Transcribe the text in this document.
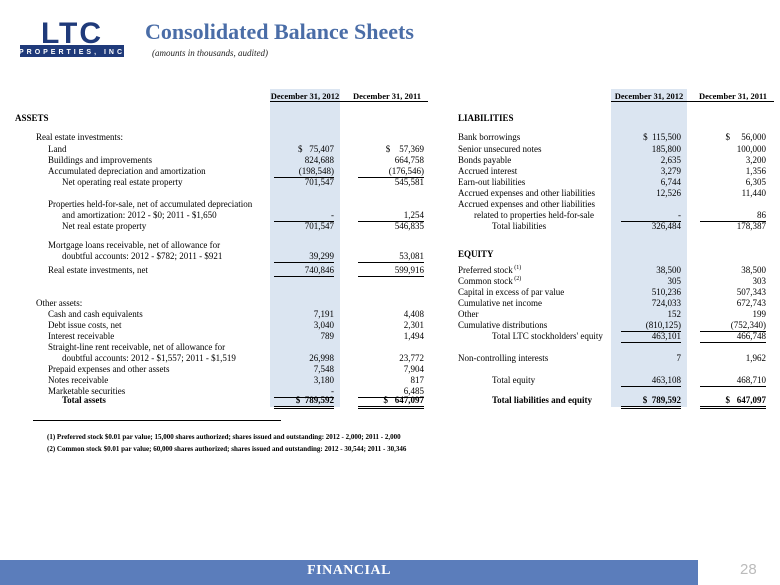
PROPERTIES, INC
LTC Consolidated Balance Sheets
(amounts in thousands, audited)
December 31, 2012	December 31, 2011	December 31, 2012	December 31, 2011
ASSETS	LIABILITIES
Real estate investments:
Land	$   75,407	$    57,369
Buildings and improvements	824,688	664,758
Accumulated depreciation and amortization	(198,548)	(176,546)
Net operating real estate property	701,547	545,581
Properties held-for-sale, net of accumulated depreciation
and amortization: 2012 - $0; 2011 - $1,650	-	1,254
Net real estate property	701,547	546,835
Mortgage loans receivable, net of allowance for
doubtful accounts: 2012 - $782; 2011 - $921	39,299	53,081
Real estate investments, net	740,846	599,916
Other assets:
Cash and cash equivalents	7,191	4,408
Debt issue costs, net	3,040	2,301
Interest receivable	789	1,494
Straight-line rent receivable, net of allowance for
doubtful accounts: 2012 - $1,557; 2011 - $1,519	26,998	23,772
Prepaid expenses and other assets	7,548	7,904
Notes receivable	3,180	817
Marketable securities	-	6,485
Total assets	$  789,592	$   647,097
Bank borrowings	$  115,500	$     56,000
Senior unsecured notes	185,800	100,000
Bonds payable	2,635	3,200
Accrued interest	3,279	1,356
Earn-out liabilities	6,744	6,305
Accrued expenses and other liabilities	12,526	11,440
Accrued expenses and other liabilities
related to properties held-for-sale	-	86
Total liabilities	326,484	178,387
EQUITY
Preferred stock $^{(1)}$	38,500	38,500
Common stock $^{(2)}$	305	303
Capital in excess of par value	510,236	507,343
Cumulative net income	724,033	672,743
Other	152	199
Cumulative distributions	(810,125)	(752,340)
Total LTC stockholders' equity	463,101	466,748
Non-controlling interests	7	1,962
Total equity	463,108	468,710
Total liabilities and equity	$  789,592	$   647,097
(1) Preferred stock $0.01 par value; 15,000 shares authorized; shares issued and outstanding: 2012 - 2,000; 2011 - 2,000
(2) Common stock $0.01 par value; 60,000 shares authorized; shares issued and outstanding: 2012 - 30,544; 2011 - 30,346
FINANCIAL	28
